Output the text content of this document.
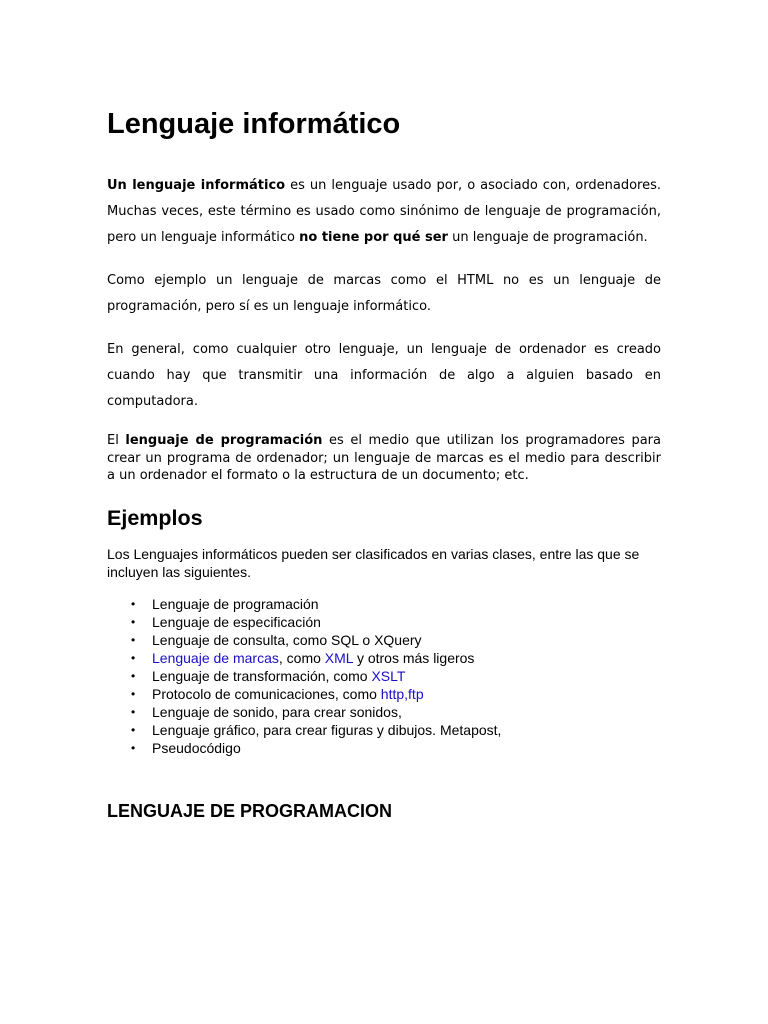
Lenguaje informático

Un lenguaje informático es un lenguaje usado por, o asociado con, ordenadores. Muchas veces, este término es usado como sinónimo de lenguaje de programación, pero un lenguaje informático no tiene por qué ser un lenguaje de programación.

Como ejemplo un lenguaje de marcas como el HTML no es un lenguaje de programación, pero sí es un lenguaje informático.

En general, como cualquier otro lenguaje, un lenguaje de ordenador es creado cuando hay que transmitir una información de algo a alguien basado en computadora.

El lenguaje de programación es el medio que utilizan los programadores para crear un programa de ordenador; un lenguaje de marcas es el medio para describir a un ordenador el formato o la estructura de un documento; etc.

Ejemplos

Los Lenguajes informáticos pueden ser clasificados en varias clases, entre las que se incluyen las siguientes.

• Lenguaje de programación
• Lenguaje de especificación
• Lenguaje de consulta, como SQL o XQuery
• Lenguaje de marcas, como XML y otros más ligeros
• Lenguaje de transformación, como XSLT
• Protocolo de comunicaciones, como http,ftp
• Lenguaje de sonido, para crear sonidos,
• Lenguaje gráfico, para crear figuras y dibujos. Metapost,
• Pseudocódigo
LENGUAJE DE PROGRAMACION
